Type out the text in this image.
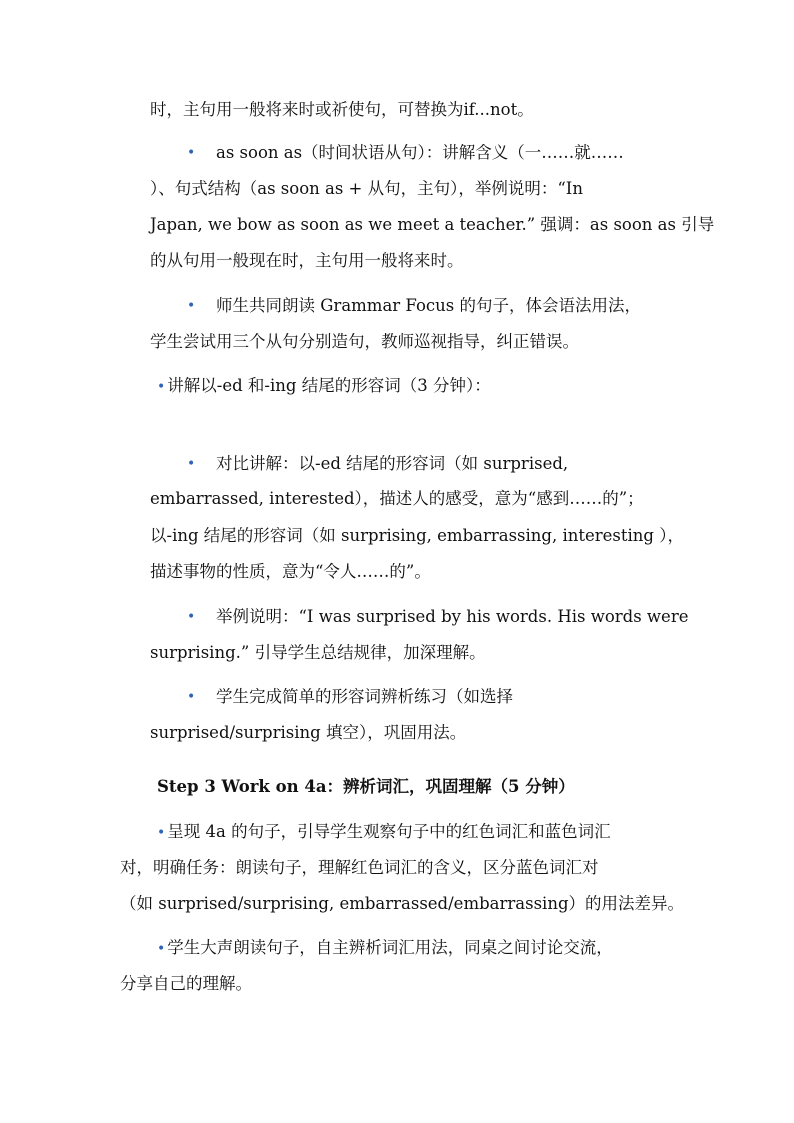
时，主句用一般将来时或祈使句，可替换为if...not。
• as soon as（时间状语从句）：讲解含义（一……就……
）、句式结构（as soon as + 从句，主句），举例说明：“In
Japan, we bow as soon as we meet a teacher.” 强调：as soon as 引导
的从句用一般现在时，主句用一般将来时。
• 师生共同朗读 Grammar Focus 的句子，体会语法用法，
学生尝试用三个从句分别造句，教师巡视指导，纠正错误。
• 讲解以-ed 和-ing 结尾的形容词（3 分钟）：
• 对比讲解：以-ed 结尾的形容词（如 surprised,
embarrassed, interested），描述人的感受，意为“感到……的”；
以-ing 结尾的形容词（如 surprising, embarrassing, interesting ），
描述事物的性质，意为“令人……的”。
• 举例说明：“I was surprised by his words. His words were
surprising.” 引导学生总结规律，加深理解。
• 学生完成简单的形容词辨析练习（如选择
surprised/surprising 填空），巩固用法。
Step 3 Work on 4a：辨析词汇，巩固理解（5 分钟）
• 呈现 4a 的句子，引导学生观察句子中的红色词汇和蓝色词汇
对，明确任务：朗读句子，理解红色词汇的含义，区分蓝色词汇对
（如 surprised/surprising, embarrassed/embarrassing）的用法差异。
• 学生大声朗读句子，自主辨析词汇用法，同桌之间讨论交流，
分享自己的理解。
